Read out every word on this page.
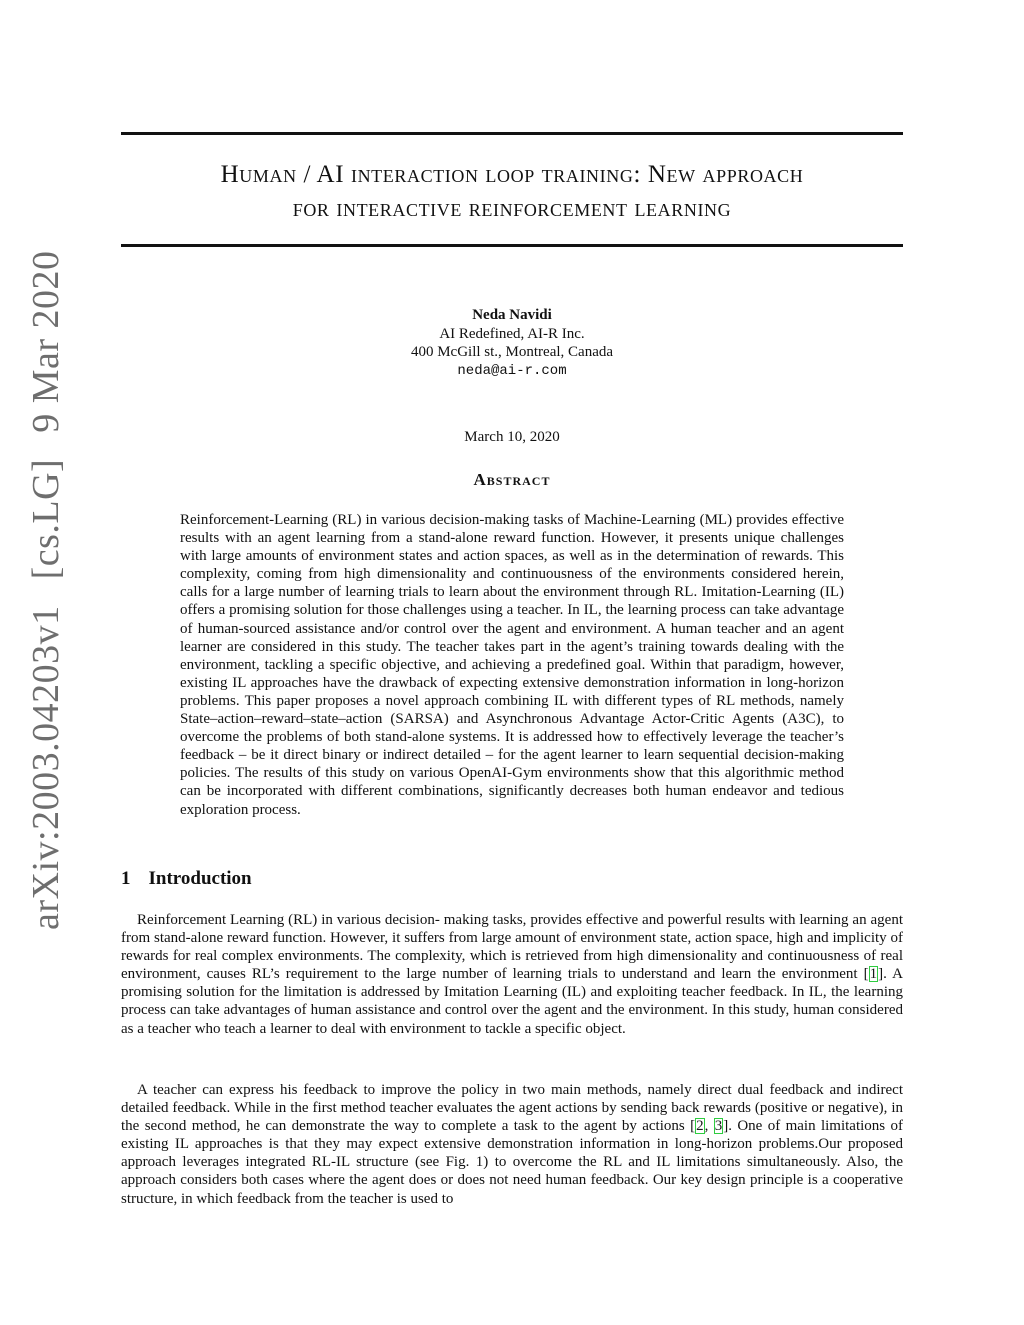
arXiv:2003.04203v1 [cs.LG] 9 Mar 2020
Human / AI interaction loop training: New approach
for interactive reinforcement learning
Neda Navidi
AI Redefined, AI-R Inc.
400 McGill st., Montreal, Canada
neda@ai-r.com
March 10, 2020
Abstract

Reinforcement-Learning (RL) in various decision-making tasks of Machine-Learning (ML) provides effective results with an agent learning from a stand-alone reward function. However, it presents unique challenges with large amounts of environment states and action spaces, as well as in the determination of rewards. This complexity, coming from high dimensionality and continuousness of the environments considered herein, calls for a large number of learning trials to learn about the environment through RL. Imitation-Learning (IL) offers a promising solution for those challenges using a teacher. In IL, the learning process can take advantage of human-sourced assistance and/or control over the agent and environment. A human teacher and an agent learner are considered in this study. The teacher takes part in the agent’s training towards dealing with the environment, tackling a specific objective, and achieving a predefined goal. Within that paradigm, however, existing IL approaches have the drawback of expecting extensive demonstration information in long-horizon problems. This paper proposes a novel approach combining IL with different types of RL methods, namely State–action–reward–state–action (SARSA) and Asynchronous Advantage Actor-Critic Agents (A3C), to overcome the problems of both stand-alone systems. It is addressed how to effectively leverage the teacher’s feedback – be it direct binary or indirect detailed – for the agent learner to learn sequential decision-making policies. The results of this study on various OpenAI-Gym environments show that this algorithmic method can be incorporated with different combinations, significantly decreases both human endeavor and tedious exploration process.

1 Introduction

Reinforcement Learning (RL) in various decision- making tasks, provides effective and powerful results with learning an agent from stand-alone reward function. However, it suffers from large amount of environment state, action space, high and implicity of rewards for real complex environments. The complexity, which is retrieved from high dimensionality and continuousness of real environment, causes RL’s requirement to the large number of learning trials to understand and learn the environment [1]. A promising solution for the limitation is addressed by Imitation Learning (IL) and exploiting teacher feedback. In IL, the learning process can take advantages of human assistance and control over the agent and the environment. In this study, human considered as a teacher who teach a learner to deal with environment to tackle a specific object.

A teacher can express his feedback to improve the policy in two main methods, namely direct dual feedback and indirect detailed feedback. While in the first method teacher evaluates the agent actions by sending back rewards (positive or negative), in the second method, he can demonstrate the way to complete a task to the agent by actions [2, 3]. One of main limitations of existing IL approaches is that they may expect extensive demonstration information in long-horizon problems.Our proposed approach leverages integrated RL-IL structure (see Fig. 1) to overcome the RL and IL limitations simultaneously. Also, the approach considers both cases where the agent does or does not need human feedback. Our key design principle is a cooperative structure, in which feedback from the teacher is used to
